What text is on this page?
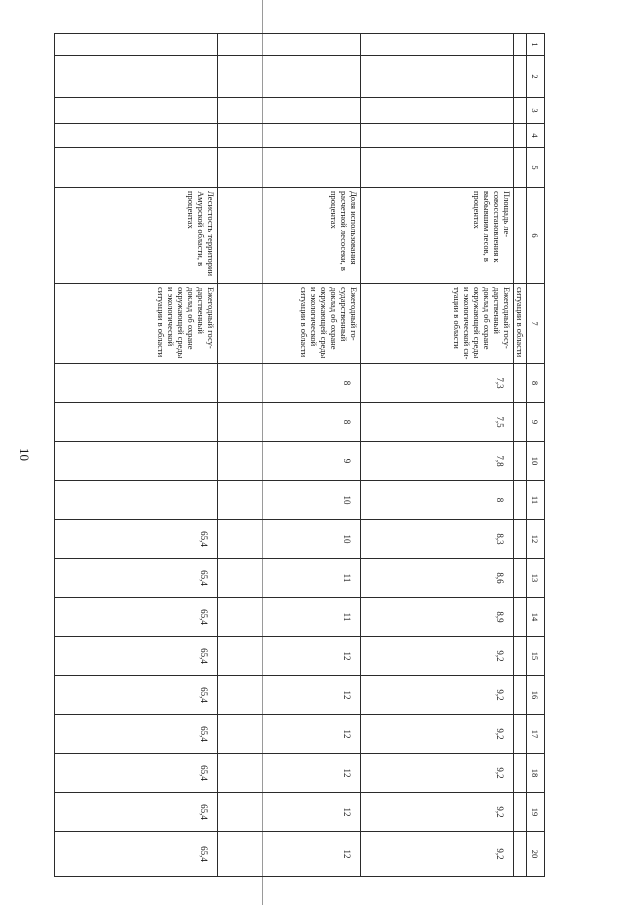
10
1	2	3	4	5	6	7	8	9	10	11	12	13	14	15	16	17	18	19	20
						ситуации в области													
					Площадь лесовосстановления к выбывшим лесов, в процентах	Ежегодный государственный доклад об охране окружающей среды и экологической ситуации в области	7,3	7,5	7,8	8	8,3	8,6	8,9	9,2	9,2	9,2	9,2	9,2	9,2
					Доля использования расчетной лесосеки, в процентах	Ежегодный государственный доклад об охране окружающей среды и экологической ситуации в области	8	8	9	10	10	11	11	12	12	12	12	12	12
					Лесистость территории Амурской области, в процентах	Ежегодный государственный доклад об охране окружающей среды и экологической ситуации в области					65,4	65,4	65,4	65,4	65,4	65,4	65,4	65,4	65,4
